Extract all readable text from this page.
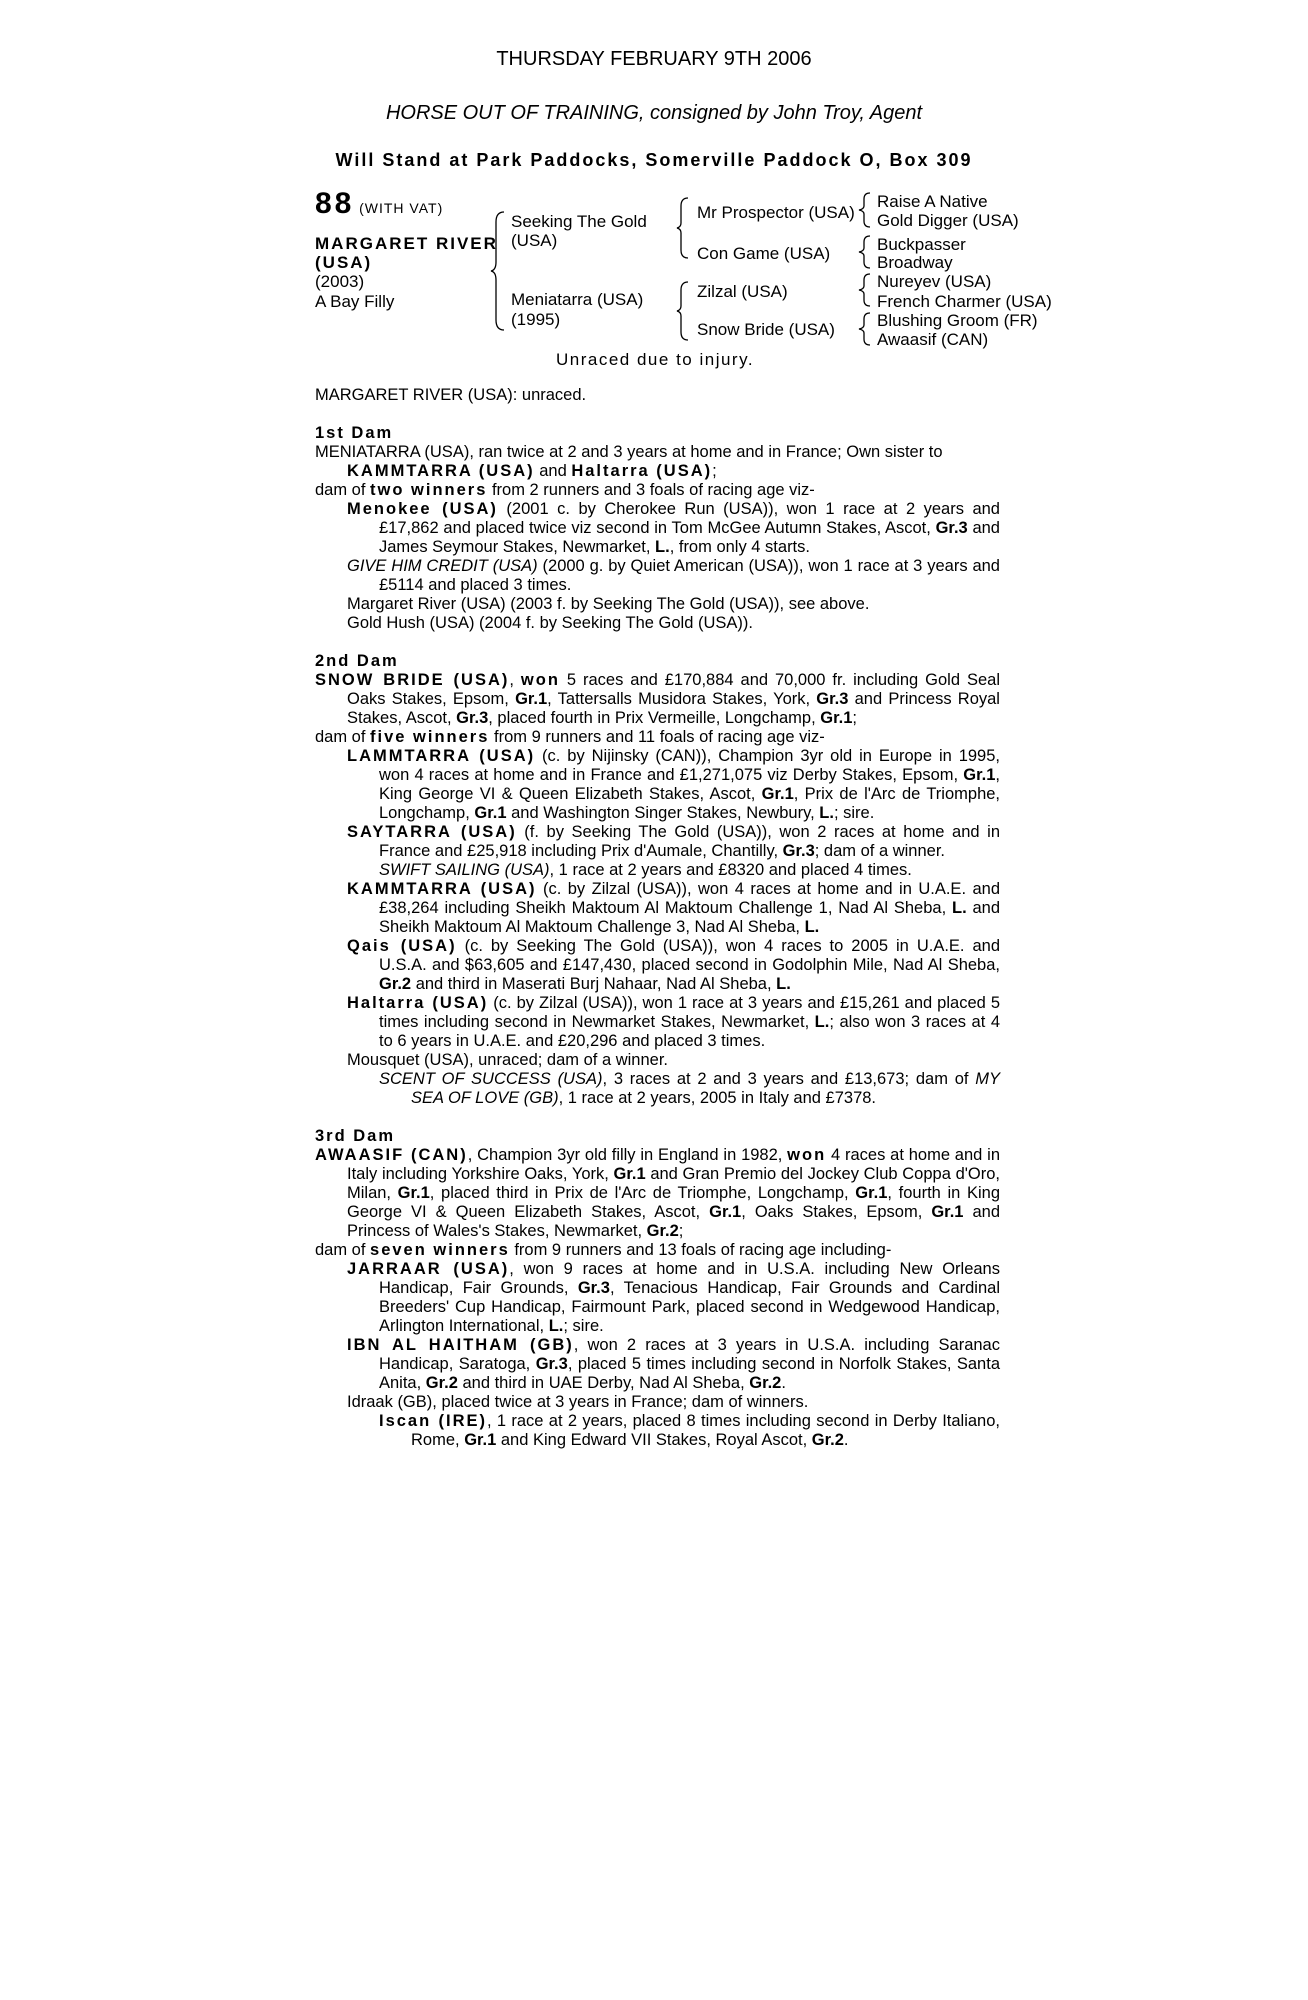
THURSDAY FEBRUARY 9TH 2006
HORSE OUT OF TRAINING, consigned by John Troy, Agent
Will Stand at Park Paddocks, Somerville Paddock O, Box 309
88 (WITH VAT)
MARGARET RIVER
(USA)
(2003)
A Bay Filly
Seeking The Gold
(USA)
Meniatarra (USA)
(1995)
Mr Prospector (USA)
Con Game (USA)
Zilzal (USA)
Snow Bride (USA)
Raise A Native
Gold Digger (USA)
Buckpasser
Broadway
Nureyev (USA)
French Charmer (USA)
Blushing Groom (FR)
Awaasif (CAN)
Unraced due to injury.

MARGARET RIVER (USA): unraced.

1st Dam

MENIATARRA (USA), ran twice at 2 and 3 years at home and in France; Own sister to
KAMMTARRA (USA) and Haltarra (USA);

dam of two winners from 2 runners and 3 foals of racing age viz-

Menokee (USA) (2001 c. by Cherokee Run (USA)), won 1 race at 2 years and £17,862 and placed twice viz second in Tom McGee Autumn Stakes, Ascot, Gr.3 and James Seymour Stakes, Newmarket, L., from only 4 starts.

GIVE HIM CREDIT (USA) (2000 g. by Quiet American (USA)), won 1 race at 3 years and £5114 and placed 3 times.

Margaret River (USA) (2003 f. by Seeking The Gold (USA)), see above.

Gold Hush (USA) (2004 f. by Seeking The Gold (USA)).

2nd Dam

SNOW BRIDE (USA), won 5 races and £170,884 and 70,000 fr. including Gold Seal Oaks Stakes, Epsom, Gr.1, Tattersalls Musidora Stakes, York, Gr.3 and Princess Royal Stakes, Ascot, Gr.3, placed fourth in Prix Vermeille, Longchamp, Gr.1;

dam of five winners from 9 runners and 11 foals of racing age viz-

LAMMTARRA (USA) (c. by Nijinsky (CAN)), Champion 3yr old in Europe in 1995, won 4 races at home and in France and £1,271,075 viz Derby Stakes, Epsom, Gr.1, King George VI & Queen Elizabeth Stakes, Ascot, Gr.1, Prix de l'Arc de Triomphe, Longchamp, Gr.1 and Washington Singer Stakes, Newbury, L.; sire.

SAYTARRA (USA) (f. by Seeking The Gold (USA)), won 2 races at home and in France and £25,918 including Prix d'Aumale, Chantilly, Gr.3; dam of a winner.

SWIFT SAILING (USA), 1 race at 2 years and £8320 and placed 4 times.

KAMMTARRA (USA) (c. by Zilzal (USA)), won 4 races at home and in U.A.E. and £38,264 including Sheikh Maktoum Al Maktoum Challenge 1, Nad Al Sheba, L. and Sheikh Maktoum Al Maktoum Challenge 3, Nad Al Sheba, L.

Qais (USA) (c. by Seeking The Gold (USA)), won 4 races to 2005 in U.A.E. and U.S.A. and $63,605 and £147,430, placed second in Godolphin Mile, Nad Al Sheba, Gr.2 and third in Maserati Burj Nahaar, Nad Al Sheba, L.

Haltarra (USA) (c. by Zilzal (USA)), won 1 race at 3 years and £15,261 and placed 5 times including second in Newmarket Stakes, Newmarket, L.; also won 3 races at 4 to 6 years in U.A.E. and £20,296 and placed 3 times.

Mousquet (USA), unraced; dam of a winner.

SCENT OF SUCCESS (USA), 3 races at 2 and 3 years and £13,673; dam of MY SEA OF LOVE (GB), 1 race at 2 years, 2005 in Italy and £7378.

3rd Dam

AWAASIF (CAN), Champion 3yr old filly in England in 1982, won 4 races at home and in Italy including Yorkshire Oaks, York, Gr.1 and Gran Premio del Jockey Club Coppa d'Oro, Milan, Gr.1, placed third in Prix de l'Arc de Triomphe, Longchamp, Gr.1, fourth in King George VI & Queen Elizabeth Stakes, Ascot, Gr.1, Oaks Stakes, Epsom, Gr.1 and Princess of Wales's Stakes, Newmarket, Gr.2;

dam of seven winners from 9 runners and 13 foals of racing age including-

JARRAAR (USA), won 9 races at home and in U.S.A. including New Orleans Handicap, Fair Grounds, Gr.3, Tenacious Handicap, Fair Grounds and Cardinal Breeders' Cup Handicap, Fairmount Park, placed second in Wedgewood Handicap, Arlington International, L.; sire.

IBN AL HAITHAM (GB), won 2 races at 3 years in U.S.A. including Saranac Handicap, Saratoga, Gr.3, placed 5 times including second in Norfolk Stakes, Santa Anita, Gr.2 and third in UAE Derby, Nad Al Sheba, Gr.2.

Idraak (GB), placed twice at 3 years in France; dam of winners.

Iscan (IRE), 1 race at 2 years, placed 8 times including second in Derby Italiano, Rome, Gr.1 and King Edward VII Stakes, Royal Ascot, Gr.2.
